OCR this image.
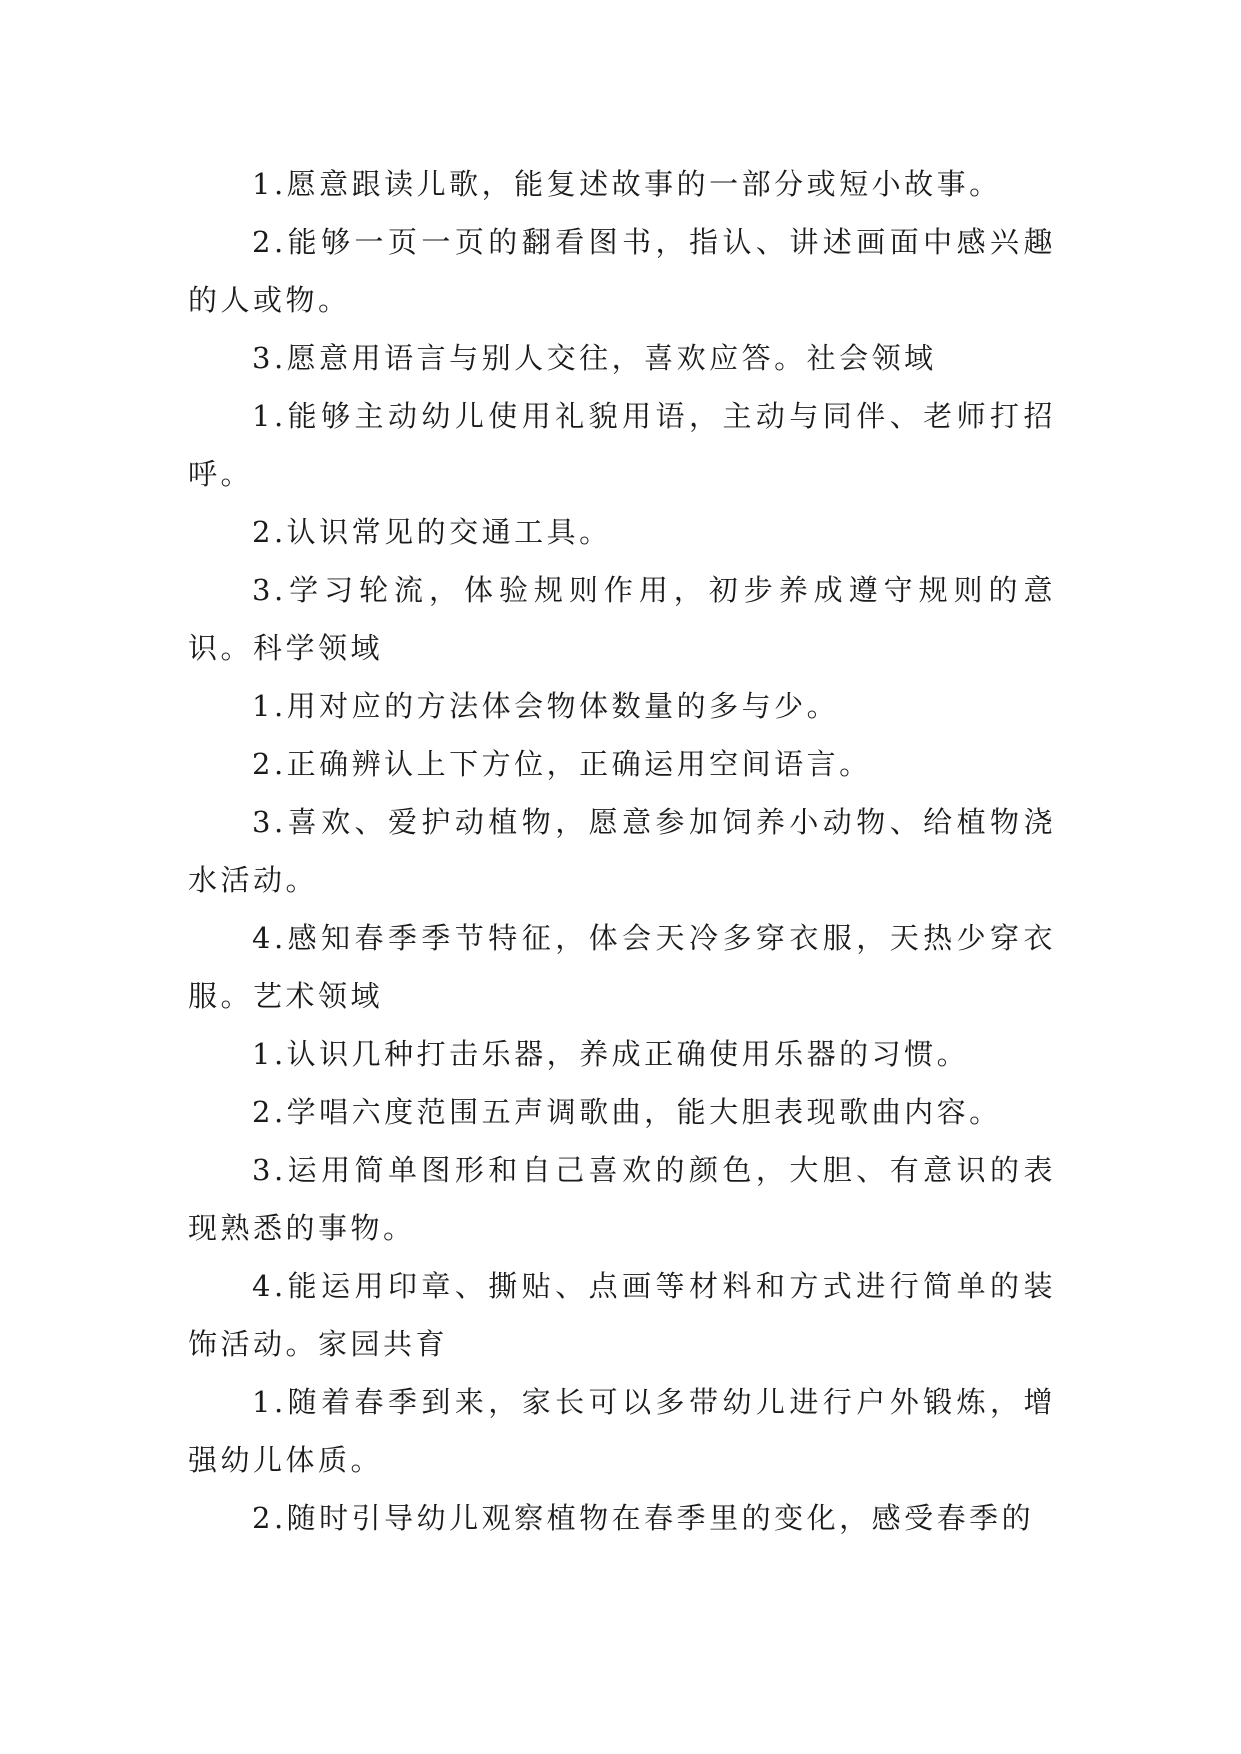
1.愿意跟读儿歌，能复述故事的一部分或短小故事。

2.能够一页一页的翻看图书，指认、讲述画面中感兴趣的人或物。

3.愿意用语言与别人交往，喜欢应答。社会领域

1.能够主动幼儿使用礼貌用语，主动与同伴、老师打招呼。

2.认识常见的交通工具。

3.学习轮流，体验规则作用，初步养成遵守规则的意识。科学领域

1.用对应的方法体会物体数量的多与少。

2.正确辨认上下方位，正确运用空间语言。

3.喜欢、爱护动植物，愿意参加饲养小动物、给植物浇水活动。

4.感知春季季节特征，体会天冷多穿衣服，天热少穿衣服。艺术领域

1.认识几种打击乐器，养成正确使用乐器的习惯。

2.学唱六度范围五声调歌曲，能大胆表现歌曲内容。

3.运用简单图形和自己喜欢的颜色，大胆、有意识的表现熟悉的事物。

4.能运用印章、撕贴、点画等材料和方式进行简单的装饰活动。家园共育

1.随着春季到来，家长可以多带幼儿进行户外锻炼，增强幼儿体质。

2.随时引导幼儿观察植物在春季里的变化，感受春季的
